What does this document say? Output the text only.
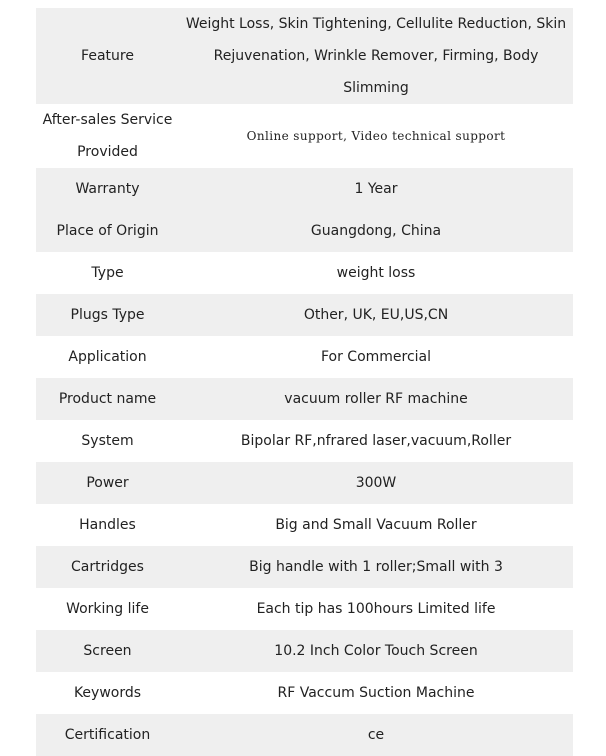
Feature	Weight Loss, Skin Tightening, Cellulite Reduction, Skin Rejuvenation, Wrinkle Remover, Firming, Body Slimming
After-sales Service Provided	Online support, Video technical support
Warranty	1 Year
Place of Origin	Guangdong, China
Type	weight loss
Plugs Type	Other, UK, EU,US,CN
Application	For Commercial
Product name	vacuum roller RF machine
System	Bipolar RF,nfrared laser,vacuum,Roller
Power	300W
Handles	Big and Small Vacuum Roller
Cartridges	Big handle with 1 roller;Small with 3
Working life	Each tip has 100hours Limited life
Screen	10.2 Inch Color Touch Screen
Keywords	RF Vaccum Suction Machine
Certification	ce
